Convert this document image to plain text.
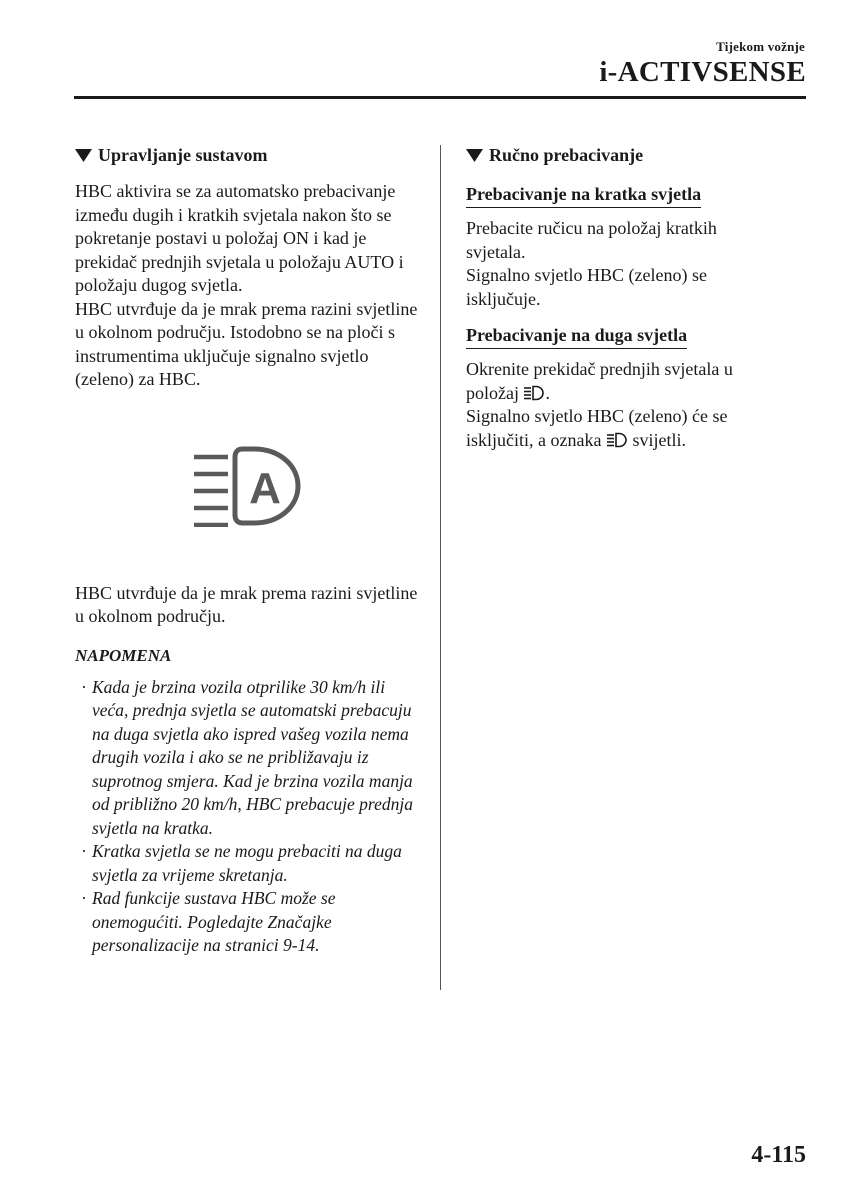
Tijekom vožnje
i-ACTIVSENSE
Upravljanje sustavom

HBC aktivira se za automatsko prebacivanje između dugih i kratkih svjetala nakon što se pokretanje postavi u položaj ON i kad je prekidač prednjih svjetala u položaju AUTO i položaju dugog svjetla.

HBC utvrđuje da je mrak prema razini svjetline u okolnom području. Istodobno se na ploči s instrumentima uključuje signalno svjetlo (zeleno) za HBC.

A

HBC utvrđuje da je mrak prema razini svjetline u okolnom području.

NAPOMENA
· Kada je brzina vozila otprilike 30 km/h ili veća, prednja svjetla se automatski prebacuju na duga svjetla ako ispred vašeg vozila nema drugih vozila i ako se ne približavaju iz suprotnog smjera. Kad je brzina vozila manja od približno 20 km/h, HBC prebacuje prednja svjetla na kratka.
· Kratka svjetla se ne mogu prebaciti na duga svjetla za vrijeme skretanja.
· Rad funkcije sustava HBC može se onemogućiti. Pogledajte Značajke personalizacije na stranici 9-14.
Ručno prebacivanje
Prebacivanje na kratka svjetla

Prebacite ručicu na položaj kratkih svjetala.

Signalno svjetlo HBC (zeleno) se isključuje.

Prebacivanje na duga svjetla

Okrenite prekidač prednjih svjetala u položaj .

Signalno svjetlo HBC (zeleno) će se isključiti, a oznaka svijetli.

4-115
